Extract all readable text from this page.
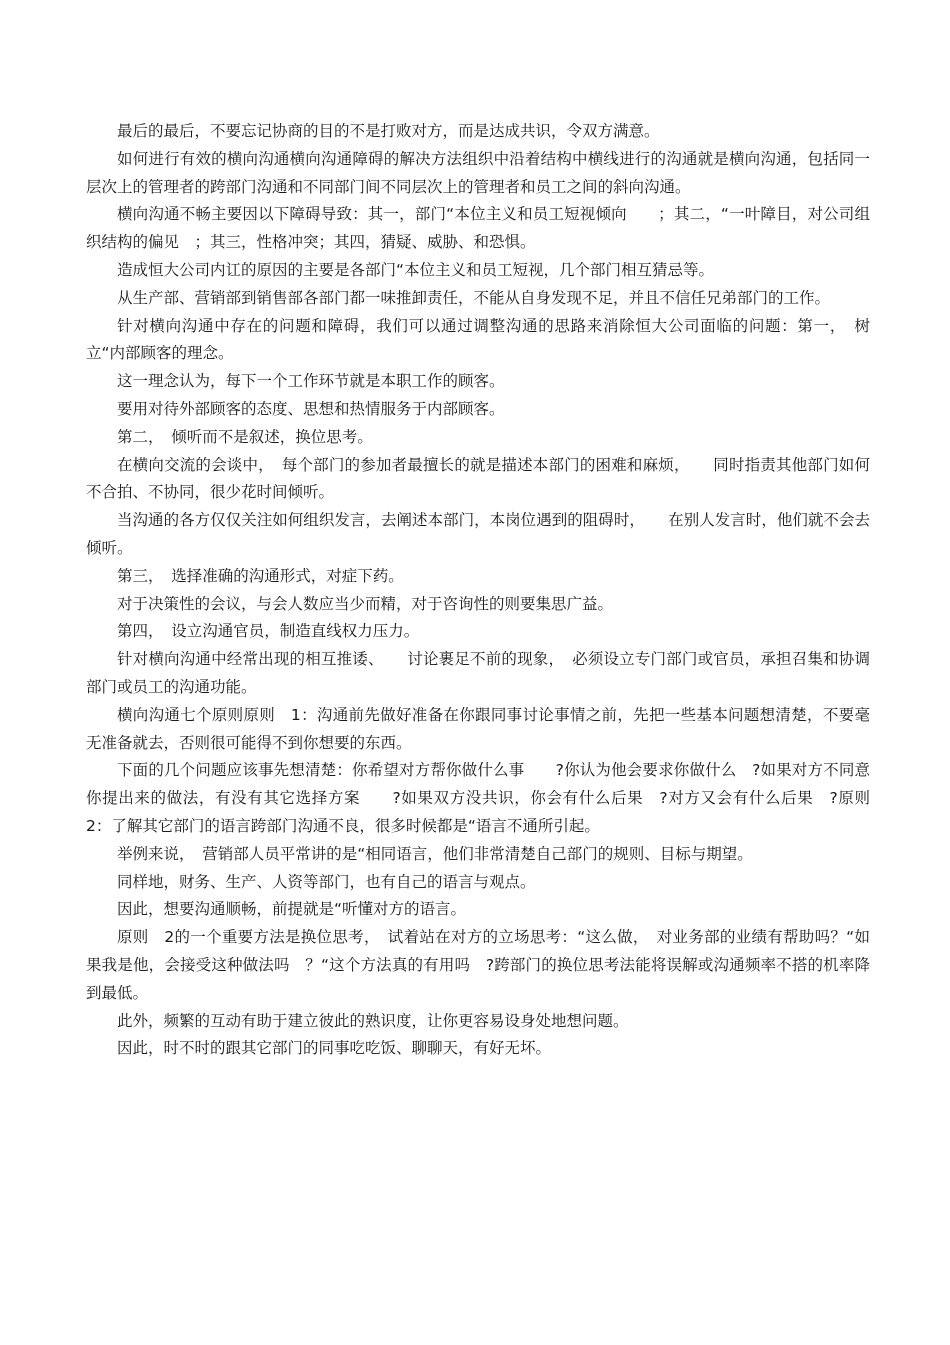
最后的最后，不要忘记协商的目的不是打败对方，而是达成共识，令双方满意。

如何进行有效的横向沟通横向沟通障碍的解决方法组织中沿着结构中横线进行的沟通就是横向沟通，包括同一层次上的管理者的跨部门沟通和不同部门间不同层次上的管理者和员工之间的斜向沟通。

横向沟通不畅主要因以下障碍导致：其一，部门“本位主义和员工短视倾向　　；其二，“一叶障目，对公司组织结构的偏见　；其三，性格冲突；其四，猜疑、威胁、和恐惧。

造成恒大公司内讧的原因的主要是各部门“本位主义和员工短视，几个部门相互猜忌等。

从生产部、营销部到销售部各部门都一味推卸责任，不能从自身发现不足，并且不信任兄弟部门的工作。

针对横向沟通中存在的问题和障碍，我们可以通过调整沟通的思路来消除恒大公司面临的问题：第一，　树立“内部顾客的理念。

这一理念认为，每下一个工作环节就是本职工作的顾客。

要用对待外部顾客的态度、思想和热情服务于内部顾客。

第二，　倾听而不是叙述，换位思考。

在横向交流的会谈中，　每个部门的参加者最擅长的就是描述本部门的困难和麻烦，　　同时指责其他部门如何不合拍、不协同，很少花时间倾听。

当沟通的各方仅仅关注如何组织发言，去阐述本部门，本岗位遇到的阻碍时，　　在别人发言时，他们就不会去倾听。

第三，　选择准确的沟通形式，对症下药。

对于决策性的会议，与会人数应当少而精，对于咨询性的则要集思广益。

第四，　设立沟通官员，制造直线权力压力。

针对横向沟通中经常出现的相互推诿、　　讨论裹足不前的现象，　必须设立专门部门或官员，承担召集和协调部门或员工的沟通功能。

横向沟通七个原则原则　1：沟通前先做好准备在你跟同事讨论事情之前，先把一些基本问题想清楚，不要毫无准备就去，否则很可能得不到你想要的东西。

下面的几个问题应该事先想清楚：你希望对方帮你做什么事　　?你认为他会要求你做什么　?如果对方不同意你提出来的做法，有没有其它选择方案　　?如果双方没共识，你会有什么后果　?对方又会有什么后果　?原则　2：了解其它部门的语言跨部门沟通不良，很多时候都是“语言不通所引起。

举例来说，　营销部人员平常讲的是“相同语言，他们非常清楚自己部门的规则、目标与期望。

同样地，财务、生产、人资等部门，也有自己的语言与观点。

因此，想要沟通顺畅，前提就是“听懂对方的语言。

原则　2的一个重要方法是换位思考，　试着站在对方的立场思考：“这么做，　对业务部的业绩有帮助吗？“如果我是他，会接受这种做法吗　？“这个方法真的有用吗　?跨部门的换位思考法能将误解或沟通频率不搭的机率降到最低。

此外，频繁的互动有助于建立彼此的熟识度，让你更容易设身处地想问题。

因此，时不时的跟其它部门的同事吃吃饭、聊聊天，有好无坏。
